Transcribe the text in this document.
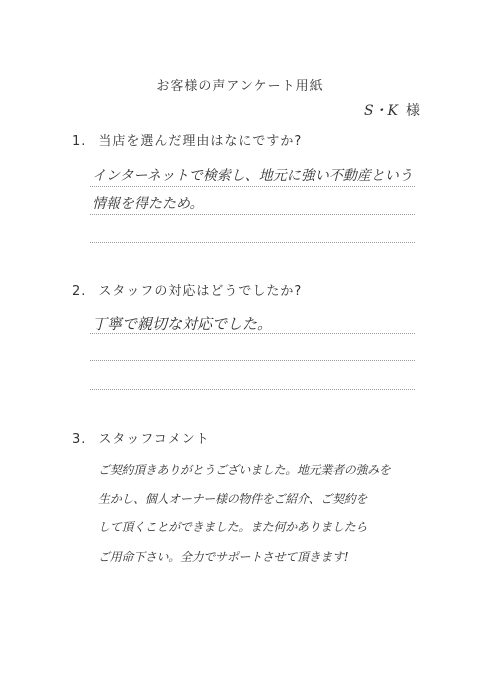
お客様の声アンケート用紙
S・K 様
1. 当店を選んだ理由はなにですか?
インターネットで検索し、地元に強い不動産という
情報を得たため。
2. スタッフの対応はどうでしたか?
丁寧で親切な対応でした。
3. スタッフコメント
ご契約頂きありがとうございました。地元業者の強みを
生かし、個人オーナー様の物件をご紹介、ご契約を
して頂くことができました。また何かありましたら
ご用命下さい。全力でサポートさせて頂きます!
